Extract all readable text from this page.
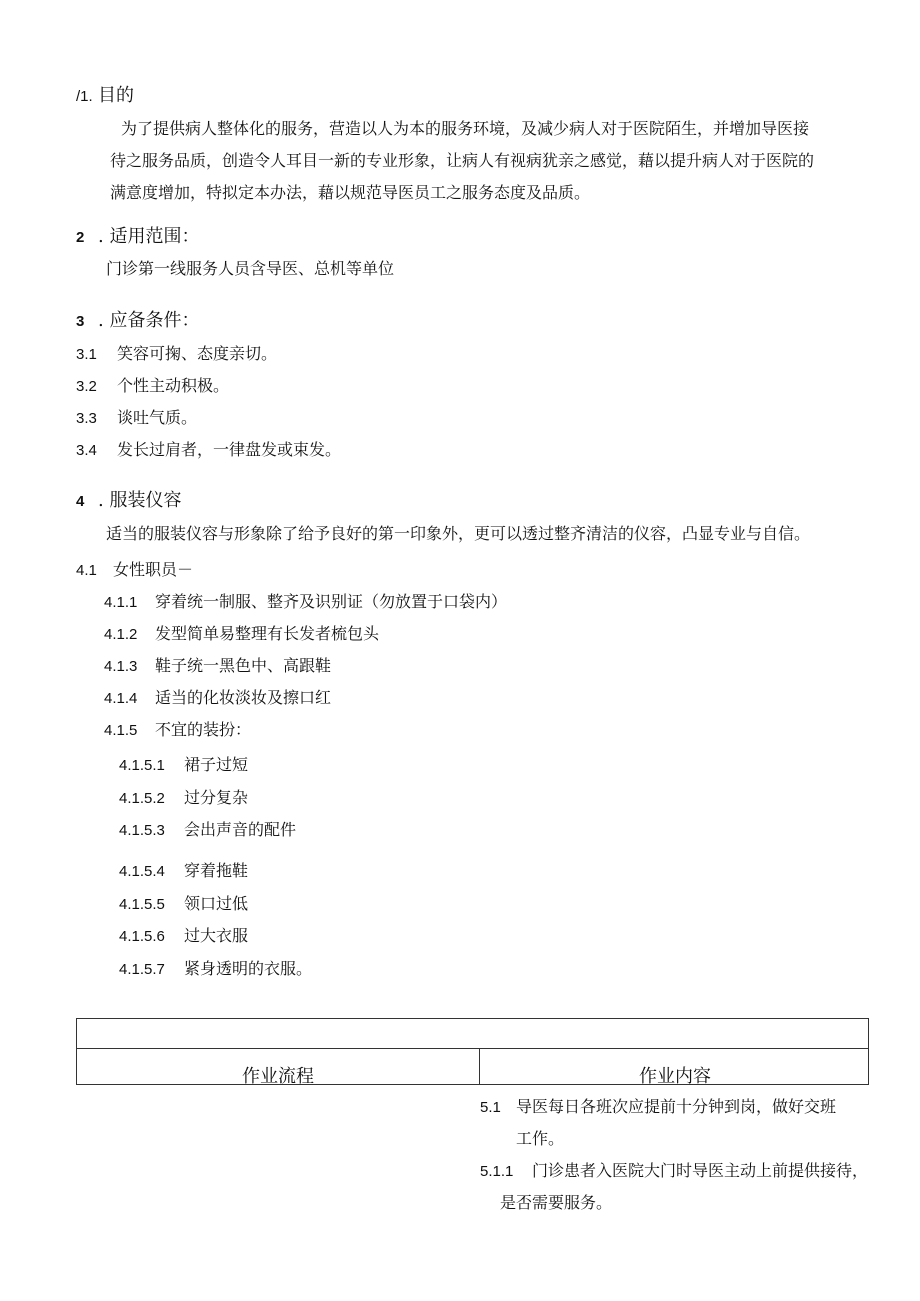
/1. 目的
为了提供病人整体化的服务，营造以人为本的服务环境，及减少病人对于医院陌生，并增加导医接
待之服务品质，创造令人耳目一新的专业形象，让病人有视病犹亲之感觉，藉以提升病人对于医院的
满意度增加，特拟定本办法，藉以规范导医员工之服务态度及品质。
2 . 适用范围：
门诊第一线服务人员含导医、总机等单位
3 . 应备条件：
3.1 笑容可掬、态度亲切。
3.2 个性主动积极。
3.3 谈吐气质。
3.4 发长过肩者，一律盘发或束发。
4 . 服装仪容
适当的服装仪容与形象除了给予良好的第一印象外，更可以透过整齐清洁的仪容，凸显专业与自信。
4.1 女性职员－
4.1.1 穿着统一制服、整齐及识别证（勿放置于口袋内）
4.1.2 发型简单易整理有长发者梳包头
4.1.3 鞋子统一黑色中、高跟鞋
4.1.4 适当的化妆淡妆及擦口红
4.1.5 不宜的装扮：
4.1.5.1 裙子过短
4.1.5.2 过分复杂
4.1.5.3 会出声音的配件
4.1.5.4 穿着拖鞋
4.1.5.5 领口过低
4.1.5.6 过大衣服
4.1.5.7 紧身透明的衣服。
作业流程	作业内容
5.1 导医每日各班次应提前十分钟到岗，做好交班
工作。
5.1.1 门诊患者入医院大门时导医主动上前提供接待，
是否需要服务。
